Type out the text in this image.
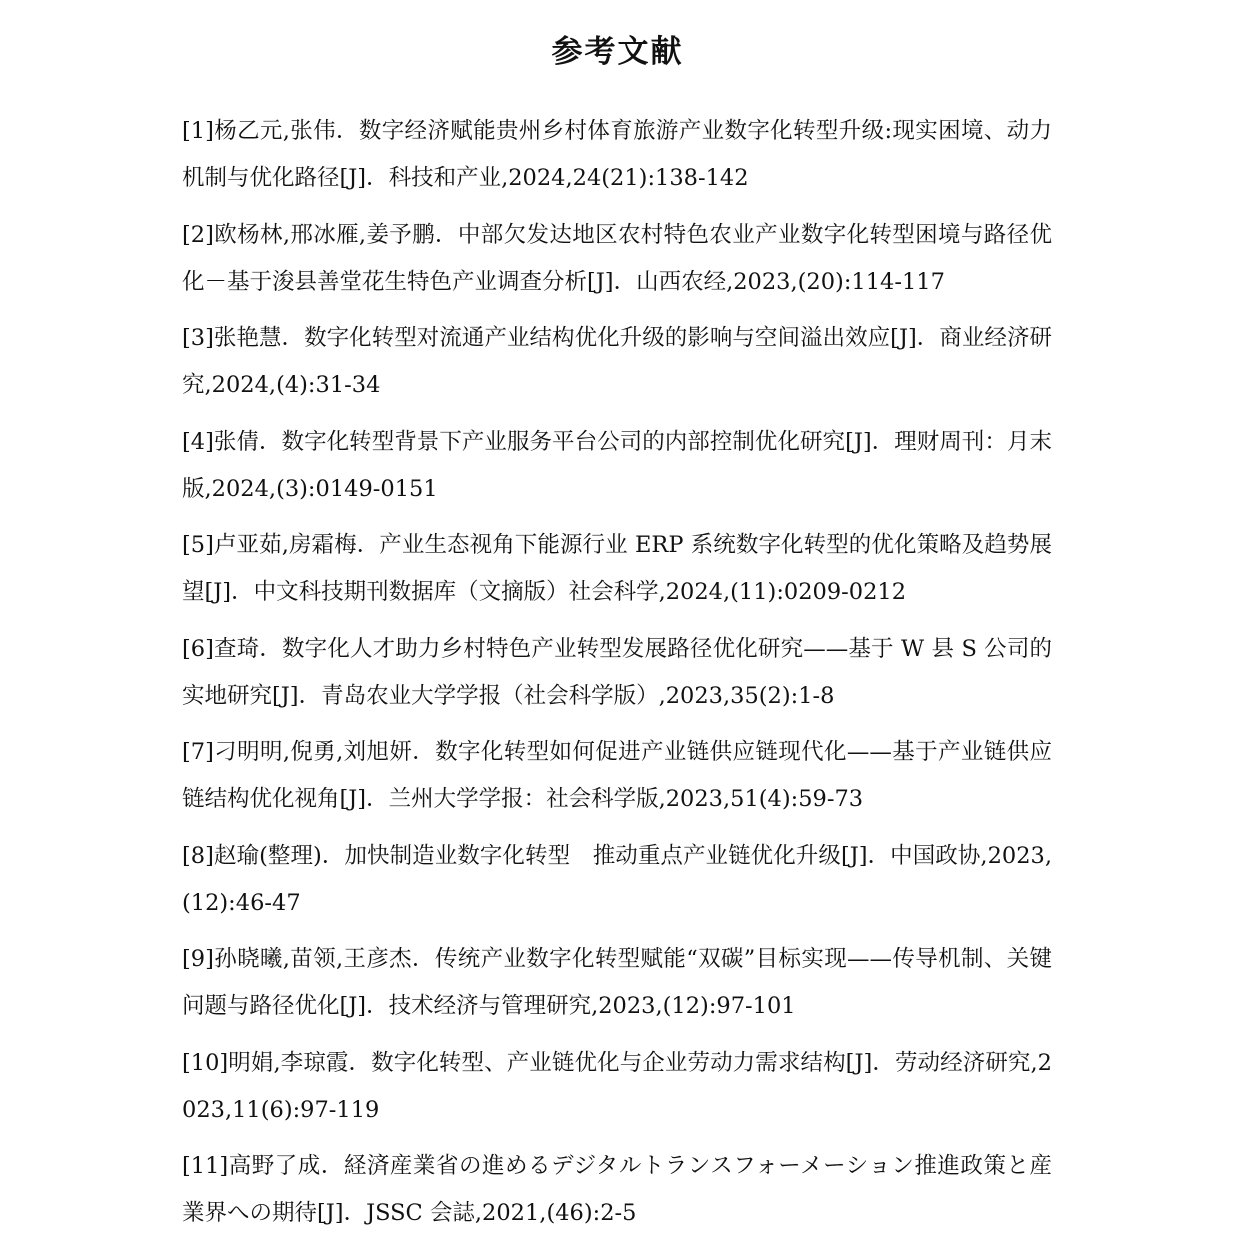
参考文献
[1]杨乙元,张伟．数字经济赋能贵州乡村体育旅游产业数字化转型升级:现实困境、动力机制与优化路径[J]．科技和产业,2024,24(21):138-142
[2]欧杨林,邢冰雁,姜予鹏．中部欠发达地区农村特色农业产业数字化转型困境与路径优化－基于浚县善堂花生特色产业调查分析[J]．山西农经,2023,(20):114-117
[3]张艳慧．数字化转型对流通产业结构优化升级的影响与空间溢出效应[J]．商业经济研究,2024,(4):31-34
[4]张倩．数字化转型背景下产业服务平台公司的内部控制优化研究[J]．理财周刊：月末版,2024,(3):0149-0151
[5]卢亚茹,房霜梅．产业生态视角下能源行业 ERP 系统数字化转型的优化策略及趋势展望[J]．中文科技期刊数据库（文摘版）社会科学,2024,(11):0209-0212
[6]查琦．数字化人才助力乡村特色产业转型发展路径优化研究——基于 W 县 S 公司的实地研究[J]．青岛农业大学学报（社会科学版）,2023,35(2):1-8
[7]刁明明,倪勇,刘旭妍．数字化转型如何促进产业链供应链现代化——基于产业链供应链结构优化视角[J]．兰州大学学报：社会科学版,2023,51(4):59-73
[8]赵瑜(整理)．加快制造业数字化转型　推动重点产业链优化升级[J]．中国政协,2023,(12):46-47
[9]孙晓曦,苗领,王彦杰．传统产业数字化转型赋能“双碳”目标实现——传导机制、关键问题与路径优化[J]．技术经济与管理研究,2023,(12):97-101
[10]明娟,李琼霞．数字化转型、产业链优化与企业劳动力需求结构[J]．劳动经济研究,2023,11(6):97-119
[11]高野了成．経済産業省の進めるデジタルトランスフォーメーション推進政策と産業界への期待[J]．JSSC 会誌,2021,(46):2-5
